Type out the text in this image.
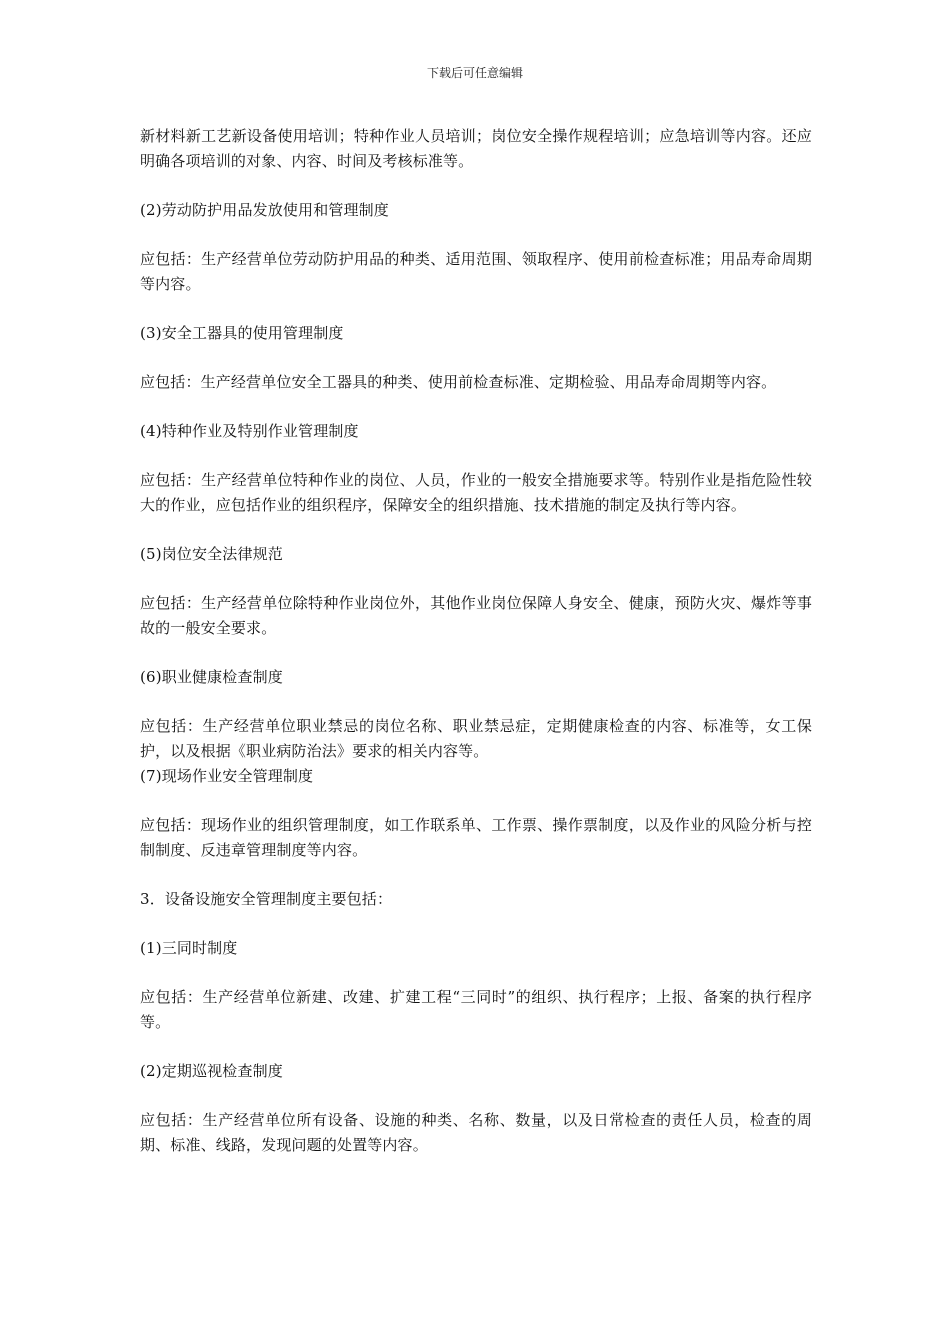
下载后可任意编辑

新材料新工艺新设备使用培训；特种作业人员培训；岗位安全操作规程培训；应急培训等内容。还应明确各项培训的对象、内容、时间及考核标准等。

(2)劳动防护用品发放使用和管理制度

应包括：生产经营单位劳动防护用品的种类、适用范围、领取程序、使用前检查标准；用品寿命周期等内容。

(3)安全工器具的使用管理制度

应包括：生产经营单位安全工器具的种类、使用前检查标准、定期检验、用品寿命周期等内容。

(4)特种作业及特别作业管理制度

应包括：生产经营单位特种作业的岗位、人员，作业的一般安全措施要求等。特别作业是指危险性较大的作业，应包括作业的组织程序，保障安全的组织措施、技术措施的制定及执行等内容。

(5)岗位安全法律规范

应包括：生产经营单位除特种作业岗位外，其他作业岗位保障人身安全、健康，预防火灾、爆炸等事故的一般安全要求。

(6)职业健康检查制度

应包括：生产经营单位职业禁忌的岗位名称、职业禁忌症，定期健康检查的内容、标准等，女工保护，以及根据《职业病防治法》要求的相关内容等。

(7)现场作业安全管理制度

应包括：现场作业的组织管理制度，如工作联系单、工作票、操作票制度，以及作业的风险分析与控制制度、反违章管理制度等内容。

3．设备设施安全管理制度主要包括：

(1)三同时制度

应包括：生产经营单位新建、改建、扩建工程“三同时”的组织、执行程序；上报、备案的执行程序等。

(2)定期巡视检查制度

应包括：生产经营单位所有设备、设施的种类、名称、数量，以及日常检查的责任人员，检查的周期、标准、线路，发现问题的处置等内容。
